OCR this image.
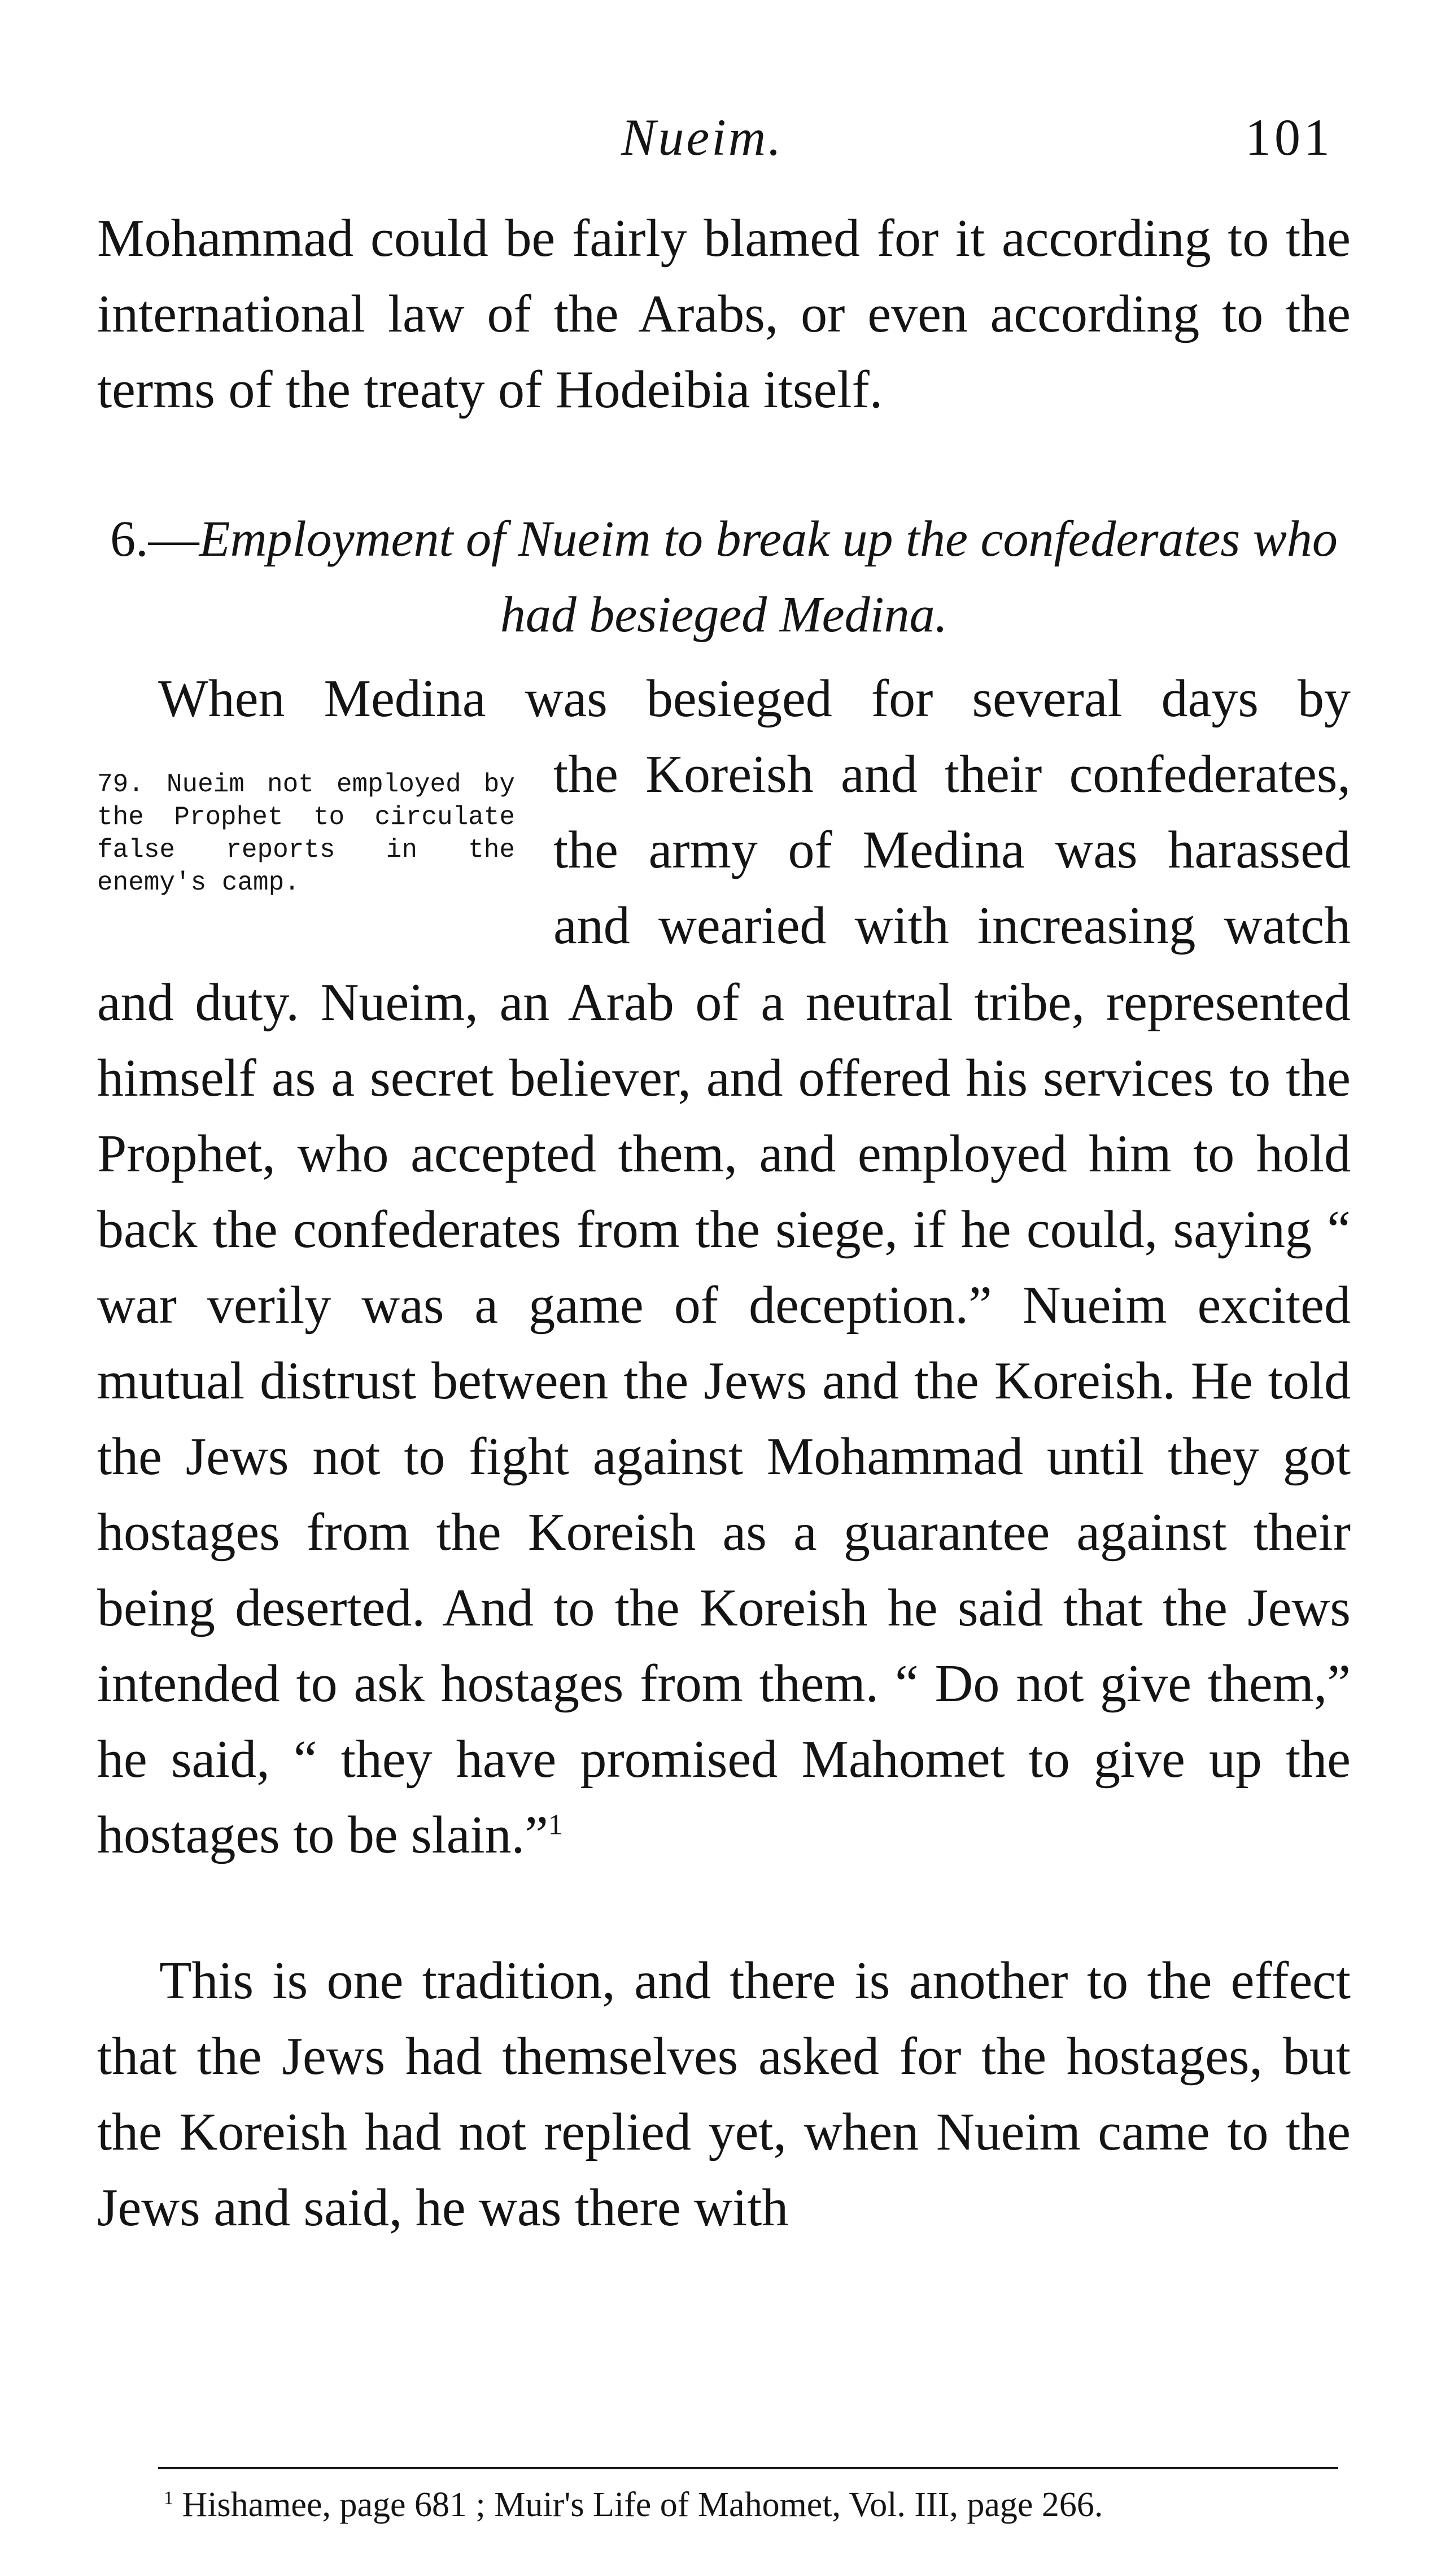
Nueim.	101

Mohammad could be fairly blamed for it according to the international law of the Arabs, or even according to the terms of the treaty of Hodeibia itself.

6.—Employment of Nueim to break up the confederates who had besieged Medina.

When Medina was besieged for several days by

79. Nueim not employed by the Prophet to circulate false reports in the enemy's camp.

the Koreish and their confederates,
the army of Medina was harassed
and wearied with increasing watch

and duty. Nueim, an Arab of a neutral tribe, represented himself as a secret believer, and offered his services to the Prophet, who accepted them, and employed him to hold back the confederates from the siege, if he could, saying “ war verily was a game of deception.” Nueim excited mutual distrust between the Jews and the Koreish. He told the Jews not to fight against Mohammad until they got hostages from the Koreish as a guarantee against their being deserted. And to the Koreish he said that the Jews intended to ask hostages from them. “ Do not give them,” he said, “ they have promised Mahomet to give up the hostages to be slain.”$^1$

This is one tradition, and there is another to the effect that the Jews had themselves asked for the hostages, but the Koreish had not replied yet, when Nueim came to the Jews and said, he was there with

$^1$ Hishamee, page 681 ; Muir's Life of Mahomet, Vol. III, page 266.
